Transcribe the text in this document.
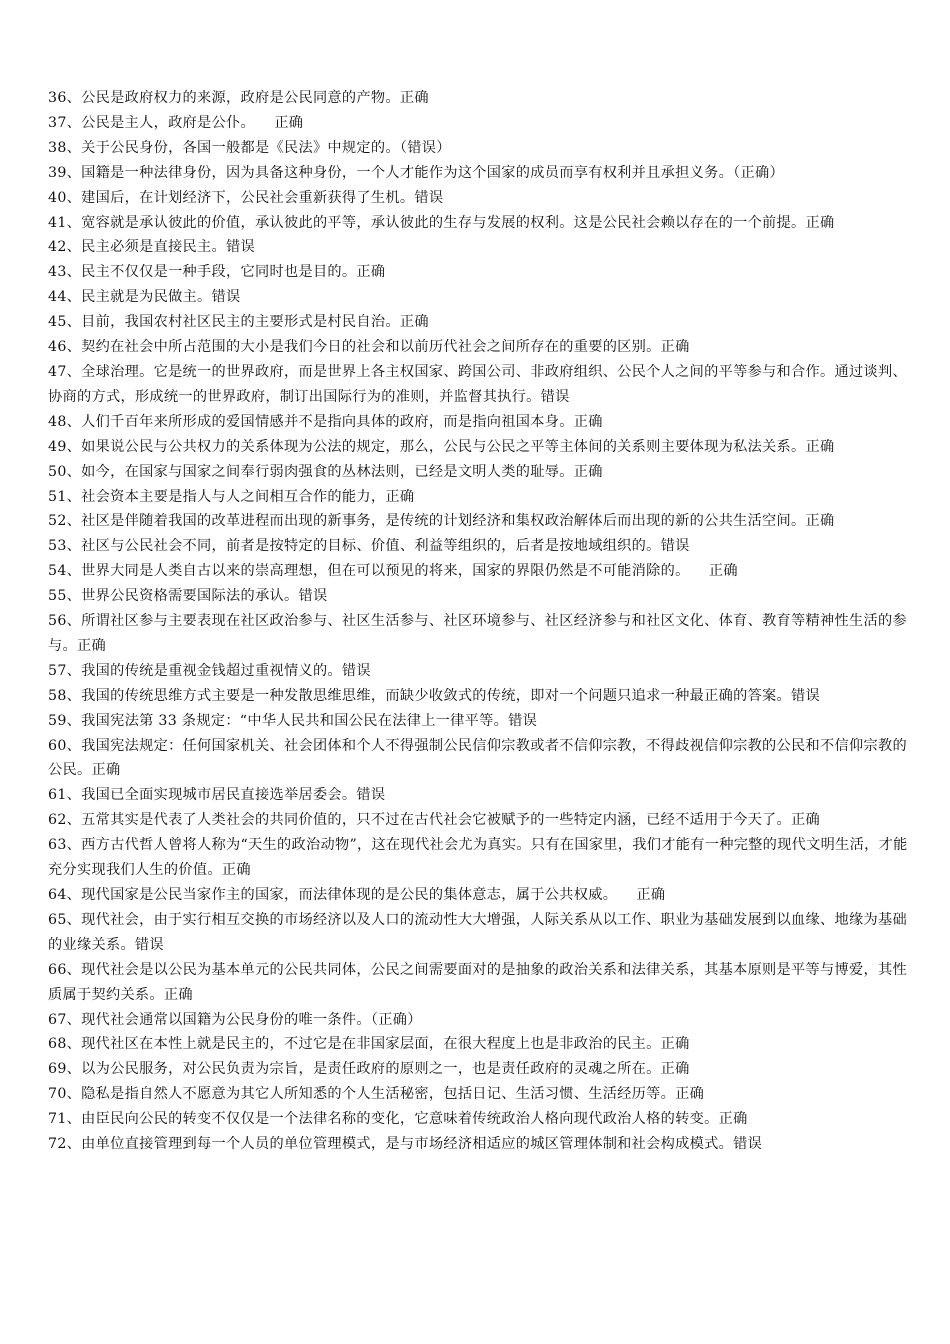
36、公民是政府权力的来源，政府是公民同意的产物。正确

37、公民是主人，政府是公仆。    正确

38、关于公民身份，各国一般都是《民法》中规定的。（错误）

39、国籍是一种法律身份，因为具备这种身份，一个人才能作为这个国家的成员而享有权利并且承担义务。（正确）

40、建国后，在计划经济下，公民社会重新获得了生机。错误

41、宽容就是承认彼此的价值，承认彼此的平等，承认彼此的生存与发展的权利。这是公民社会赖以存在的一个前提。正确

42、民主必须是直接民主。错误

43、民主不仅仅是一种手段，它同时也是目的。正确

44、民主就是为民做主。错误

45、目前，我国农村社区民主的主要形式是村民自治。正确

46、契约在社会中所占范围的大小是我们今日的社会和以前历代社会之间所存在的重要的区别。正确

47、全球治理。它是统一的世界政府，而是世界上各主权国家、跨国公司、非政府组织、公民个人之间的平等参与和合作。通过谈判、协商的方式，形成统一的世界政府，制订出国际行为的准则，并监督其执行。错误

48、人们千百年来所形成的爱国情感并不是指向具体的政府，而是指向祖国本身。正确

49、如果说公民与公共权力的关系体现为公法的规定，那么，公民与公民之平等主体间的关系则主要体现为私法关系。正确

50、如今，在国家与国家之间奉行弱肉强食的丛林法则，已经是文明人类的耻辱。正确

51、社会资本主要是指人与人之间相互合作的能力，正确

52、社区是伴随着我国的改革进程而出现的新事务，是传统的计划经济和集权政治解体后而出现的新的公共生活空间。正确

53、社区与公民社会不同，前者是按特定的目标、价值、利益等组织的，后者是按地域组织的。错误

54、世界大同是人类自古以来的崇高理想，但在可以预见的将来，国家的界限仍然是不可能消除的。    正确

55、世界公民资格需要国际法的承认。错误

56、所谓社区参与主要表现在社区政治参与、社区生活参与、社区环境参与、社区经济参与和社区文化、体育、教育等精神性生活的参与。正确

57、我国的传统是重视金钱超过重视情义的。错误

58、我国的传统思维方式主要是一种发散思维思维，而缺少收敛式的传统，即对一个问题只追求一种最正确的答案。错误

59、我国宪法第 33 条规定：“中华人民共和国公民在法律上一律平等。错误

60、我国宪法规定：任何国家机关、社会团体和个人不得强制公民信仰宗教或者不信仰宗教，不得歧视信仰宗教的公民和不信仰宗教的公民。正确

61、我国已全面实现城市居民直接选举居委会。错误

62、五常其实是代表了人类社会的共同价值的，只不过在古代社会它被赋予的一些特定内涵，已经不适用于今天了。正确

63、西方古代哲人曾将人称为“天生的政治动物”，这在现代社会尤为真实。只有在国家里，我们才能有一种完整的现代文明生活，才能充分实现我们人生的价值。正确

64、现代国家是公民当家作主的国家，而法律体现的是公民的集体意志，属于公共权威。    正确

65、现代社会，由于实行相互交换的市场经济以及人口的流动性大大增强，人际关系从以工作、职业为基础发展到以血缘、地缘为基础的业缘关系。错误

66、现代社会是以公民为基本单元的公民共同体，公民之间需要面对的是抽象的政治关系和法律关系，其基本原则是平等与博爱，其性质属于契约关系。正确

67、现代社会通常以国籍为公民身份的唯一条件。（正确）

68、现代社区在本性上就是民主的，不过它是在非国家层面，在很大程度上也是非政治的民主。正确

69、以为公民服务，对公民负责为宗旨，是责任政府的原则之一，也是责任政府的灵魂之所在。正确

70、隐私是指自然人不愿意为其它人所知悉的个人生活秘密，包括日记、生活习惯、生活经历等。正确

71、由臣民向公民的转变不仅仅是一个法律名称的变化，它意味着传统政治人格向现代政治人格的转变。正确

72、由单位直接管理到每一个人员的单位管理模式，是与市场经济相适应的城区管理体制和社会构成模式。错误
